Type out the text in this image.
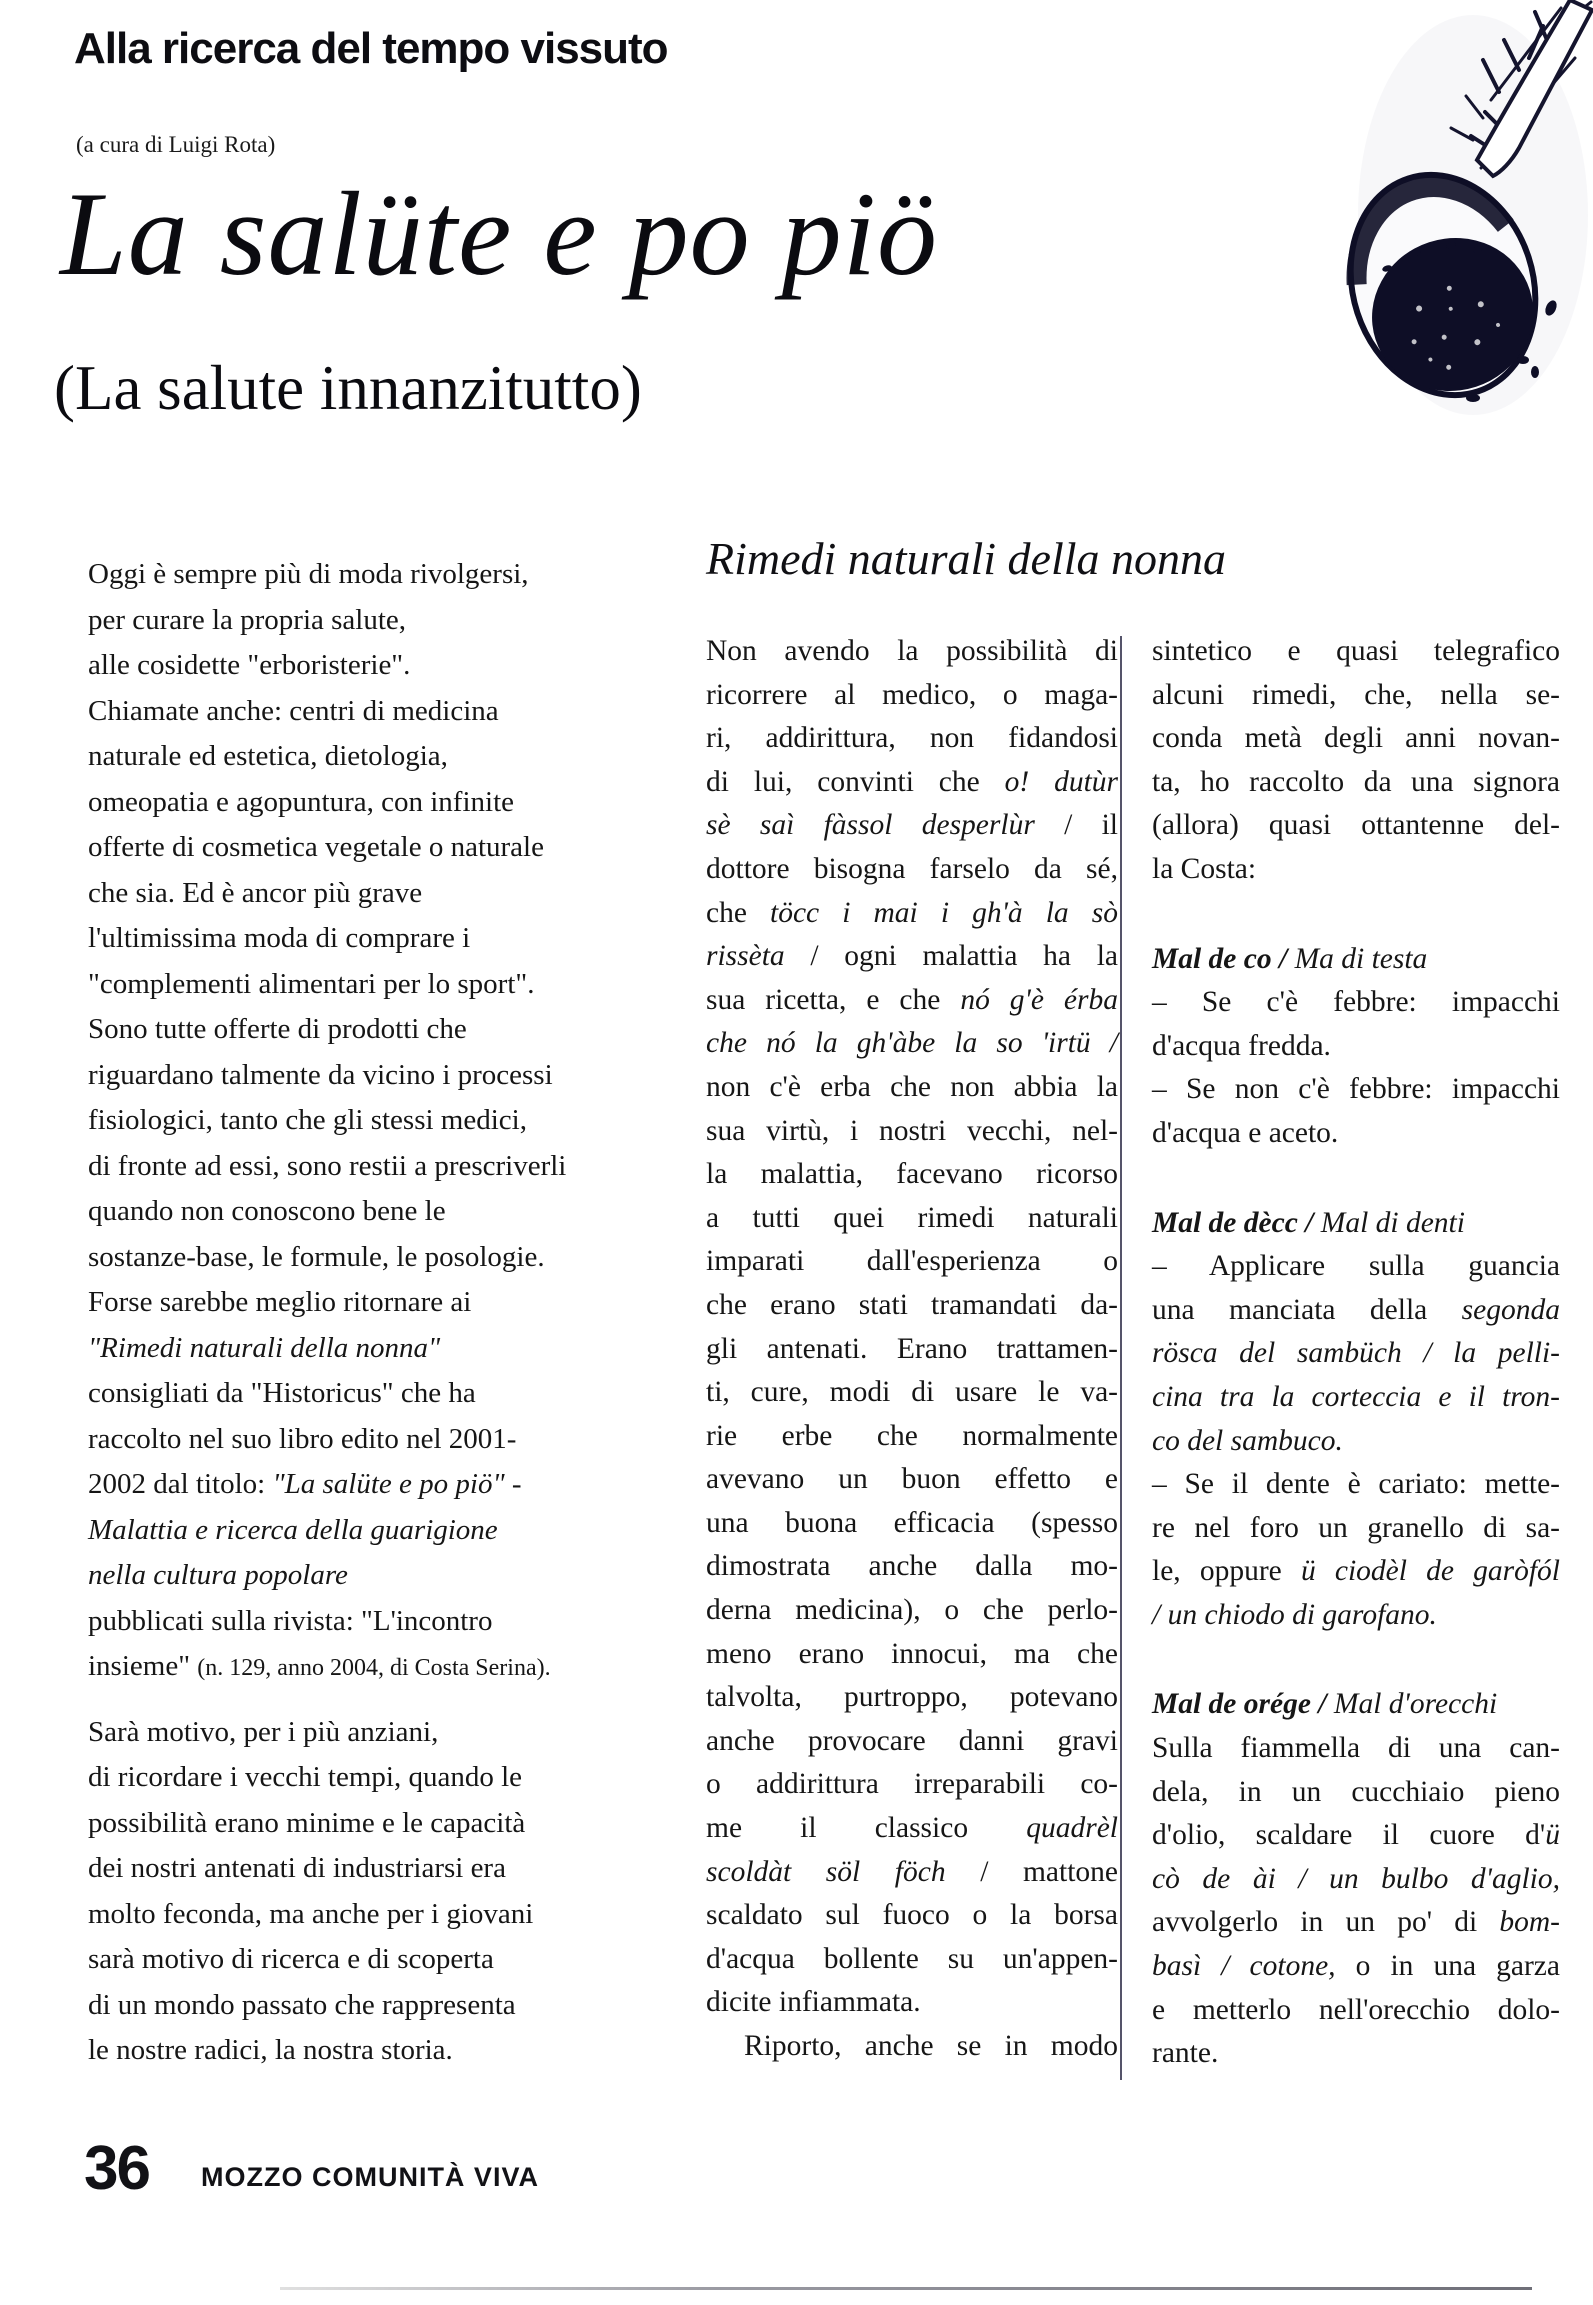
Alla ricerca del tempo vissuto
(a cura di Luigi Rota)
La salüte e po piö
(La salute innanzitutto)
Oggi è sempre più di moda rivolgersi,
per curare la propria salute,
alle cosidette "erboristerie".
Chiamate anche: centri di medicina
naturale ed estetica, dietologia,
omeopatia e agopuntura, con infinite
offerte di cosmetica vegetale o naturale
che sia. Ed è ancor più grave
l'ultimissima moda di comprare i
"complementi alimentari per lo sport".
Sono tutte offerte di prodotti che
riguardano talmente da vicino i processi
fisiologici, tanto che gli stessi medici,
di fronte ad essi, sono restii a prescriverli
quando non conoscono bene le
sostanze-base, le formule, le posologie.
Forse sarebbe meglio ritornare ai
"Rimedi naturali della nonna"
consigliati da "Historicus" che ha
raccolto nel suo libro edito nel 2001-
2002 dal titolo: "La salüte e po piö" -
Malattia e ricerca della guarigione
nella cultura popolare
pubblicati sulla rivista: "L'incontro
insieme" (n. 129, anno 2004, di Costa Serina).
Sarà motivo, per i più anziani,
di ricordare i vecchi tempi, quando le
possibilità erano minime e le capacità
dei nostri antenati di industriarsi era
molto feconda, ma anche per i giovani
sarà motivo di ricerca e di scoperta
di un mondo passato che rappresenta
le nostre radici, la nostra storia.
Rimedi naturali della nonna
Non avendo la possibilità di
ricorrere al medico, o maga-
ri, addirittura, non fidandosi
di lui, convinti che o! dutùr
sè saì fàssol desperlùr / il
dottore bisogna farselo da sé,
che töcc i mai i gh'à la sò
rissèta / ogni malattia ha la
sua ricetta, e che nó g'è érba
che nó la gh'àbe la so 'irtü /
non c'è erba che non abbia la
sua virtù, i nostri vecchi, nel-
la malattia, facevano ricorso
a tutti quei rimedi naturali
imparati dall'esperienza o
che erano stati tramandati da-
gli antenati. Erano trattamen-
ti, cure, modi di usare le va-
rie erbe che normalmente
avevano un buon effetto e
una buona efficacia (spesso
dimostrata anche dalla mo-
derna medicina), o che perlo-
meno erano innocui, ma che
talvolta, purtroppo, potevano
anche provocare danni gravi
o addirittura irreparabili co-
me il classico quadrèl
scoldàt söl föch / mattone
scaldato sul fuoco o la borsa
d'acqua bollente su un'appen-
dicite infiammata.
Riporto, anche se in modo
sintetico e quasi telegrafico
alcuni rimedi, che, nella se-
conda metà degli anni novan-
ta, ho raccolto da una signora
(allora) quasi ottantenne del-
la Costa:
Mal de co / Ma di testa
– Se c'è febbre: impacchi
d'acqua fredda.
– Se non c'è febbre: impacchi
d'acqua e aceto.
Mal de dècc / Mal di denti
– Applicare sulla guancia
una manciata della segonda
rösca del sambüch / la pelli-
cina tra la corteccia e il tron-
co del sambuco.
– Se il dente è cariato: mette-
re nel foro un granello di sa-
le, oppure ü ciodèl de garòfól
/ un chiodo di garofano.
Mal de orége / Mal d'orecchi
Sulla fiammella di una can-
dela, in un cucchiaio pieno
d'olio, scaldare il cuore d'ü
cò de ài / un bulbo d'aglio,
avvolgerlo in un po' di bom-
basì / cotone, o in una garza
e metterlo nell'orecchio dolo-
rante.
36 MOZZO COMUNITÀ VIVA
